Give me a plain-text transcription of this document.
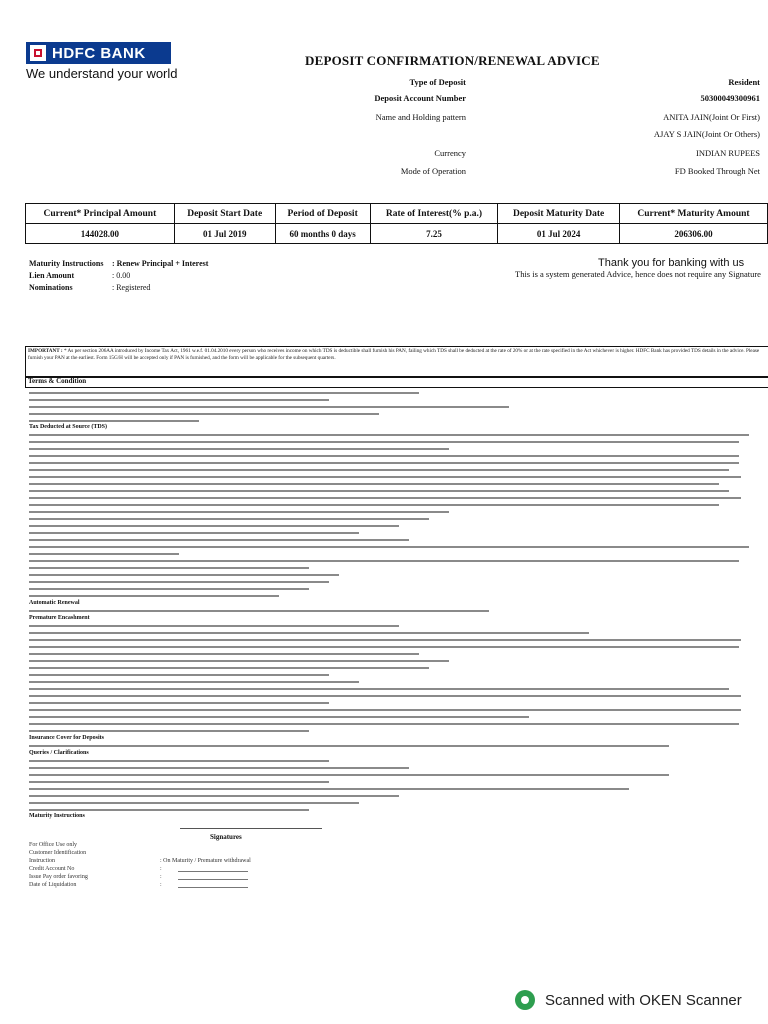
HDFC BANK
We understand your world
DEPOSIT CONFIRMATION/RENEWAL ADVICE
Type of Deposit	Resident
Deposit Account Number	50300049300961
Name and Holding pattern	ANITA JAIN(Joint Or First)
AJAY S JAIN(Joint Or Others)
Currency	INDIAN RUPEES
Mode of Operation	FD Booked Through Net
Current* Principal Amount	Deposit Start Date	Period of Deposit	Rate of Interest(% p.a.)	Deposit Maturity Date	Current* Maturity Amount
144028.00	01 Jul 2019	60 months 0 days	7.25	01 Jul 2024	206306.00
Maturity Instructions : Renew Principal + Interest
Lien Amount	: 0.00
Nominations	: Registered
Thank you for banking with us
This is a system generated Advice, hence does not require any Signature
IMPORTANT : * As per section 206AA introduced by Income Tax Act, 1961 w.e.f. 01.04.2010 every person who receives income on which TDS is deductible shall furnish his PAN, failing which TDS shall be deducted at the rate of 20% or at the rate specified in the Act whichever is higher. HDFC Bank has provided TDS details in the advice. Please furnish your PAN at the earliest. Form 15G/H will be accepted only if PAN is furnished, and the form will be applicable for the subsequent quarters.
Terms & Condition
Tax Deducted at Source (TDS)
Automatic Renewal
Premature Encashment
Insurance Cover for Deposits
Queries / Clarifications
Maturity Instructions
Signatures
For Office Use only
Customer Identification
Instruction	: On Maturity / Premature withdrawal
Credit Account No	:
Issue Pay order favoring	:
Date of Liquidation	:
Scanned with OKEN Scanner
